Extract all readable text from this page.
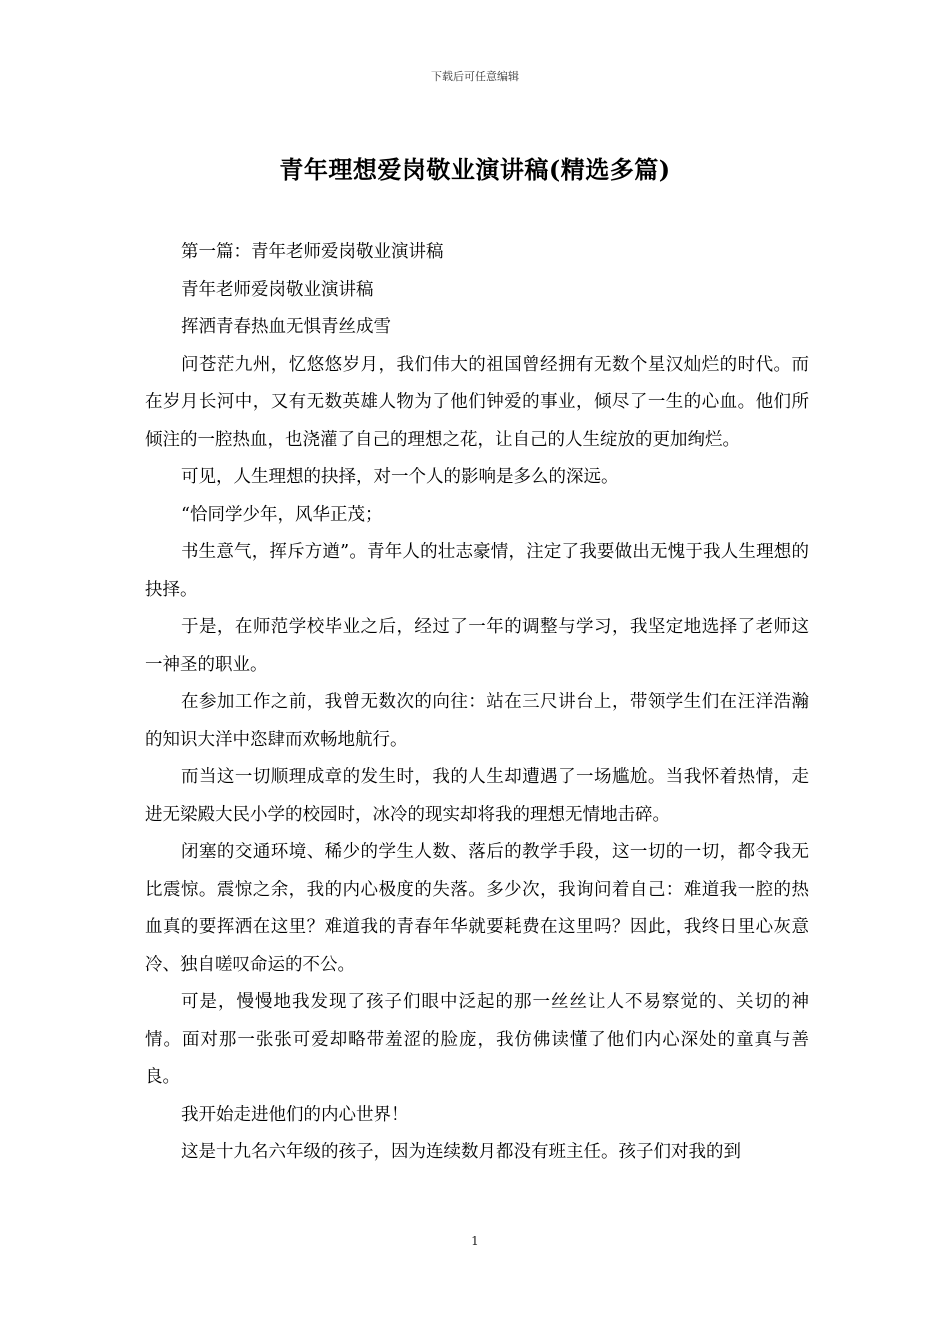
下载后可任意编辑
青年理想爱岗敬业演讲稿(精选多篇)

第一篇：青年老师爱岗敬业演讲稿

青年老师爱岗敬业演讲稿

挥洒青春热血无惧青丝成雪

问苍茫九州，忆悠悠岁月，我们伟大的祖国曾经拥有无数个星汉灿烂的时代。而在岁月长河中，又有无数英雄人物为了他们钟爱的事业，倾尽了一生的心血。他们所倾注的一腔热血，也浇灌了自己的理想之花，让自己的人生绽放的更加绚烂。

可见，人生理想的抉择，对一个人的影响是多么的深远。

“恰同学少年，风华正茂；

书生意气，挥斥方遒”。青年人的壮志豪情，注定了我要做出无愧于我人生理想的抉择。

于是，在师范学校毕业之后，经过了一年的调整与学习，我坚定地选择了老师这一神圣的职业。

在参加工作之前，我曾无数次的向往：站在三尺讲台上，带领学生们在汪洋浩瀚的知识大洋中恣肆而欢畅地航行。

而当这一切顺理成章的发生时，我的人生却遭遇了一场尴尬。当我怀着热情，走进无梁殿大民小学的校园时，冰冷的现实却将我的理想无情地击碎。

闭塞的交通环境、稀少的学生人数、落后的教学手段，这一切的一切，都令我无比震惊。震惊之余，我的内心极度的失落。多少次，我询问着自己：难道我一腔的热血真的要挥洒在这里？难道我的青春年华就要耗费在这里吗？因此，我终日里心灰意冷、独自嗟叹命运的不公。

可是，慢慢地我发现了孩子们眼中泛起的那一丝丝让人不易察觉的、关切的神情。面对那一张张可爱却略带羞涩的脸庞，我仿佛读懂了他们内心深处的童真与善良。

我开始走进他们的内心世界！

这是十九名六年级的孩子，因为连续数月都没有班主任。孩子们对我的到

1
